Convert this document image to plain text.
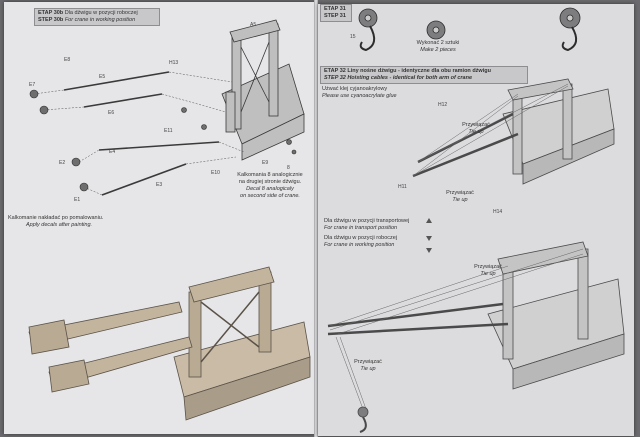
ETAP 30b Dla dźwigu w pozycji roboczej
STEP 30b For crane in working position
E8
E7
E5
E6
H13
E11
E4
E2
E3
E1
A5
E9
E10
8
Kalkomania 8 analogicznie
na drugiej stronie dźwigu.
Decal 8 analogicaly
on second side of crane.
Kalkomanie nakładać po pomalowaniu.
Apply decals after painting.
ETAP 31
STEP 31
Wykonać 2 sztuki
Make 2 pieces
15
ETAP 32 Liny nośne dźwigu - identyczne dla obu ramion dźwigu
STEP 32 Hoisting cables - identical for both arm of crane
Użwać klej cyjanoakrylowy
Please use cyanoacrylate glue
H11
H12
H14
Przywiązać
Tie up
Przywiązać
Tie up
Przywiązać
Tie up
Przywiązać
Tie up
Dla dźwigu w pozycji transportowej
For crane in transport position
Dla dźwigu w pozycji roboczej
For crane in working position
